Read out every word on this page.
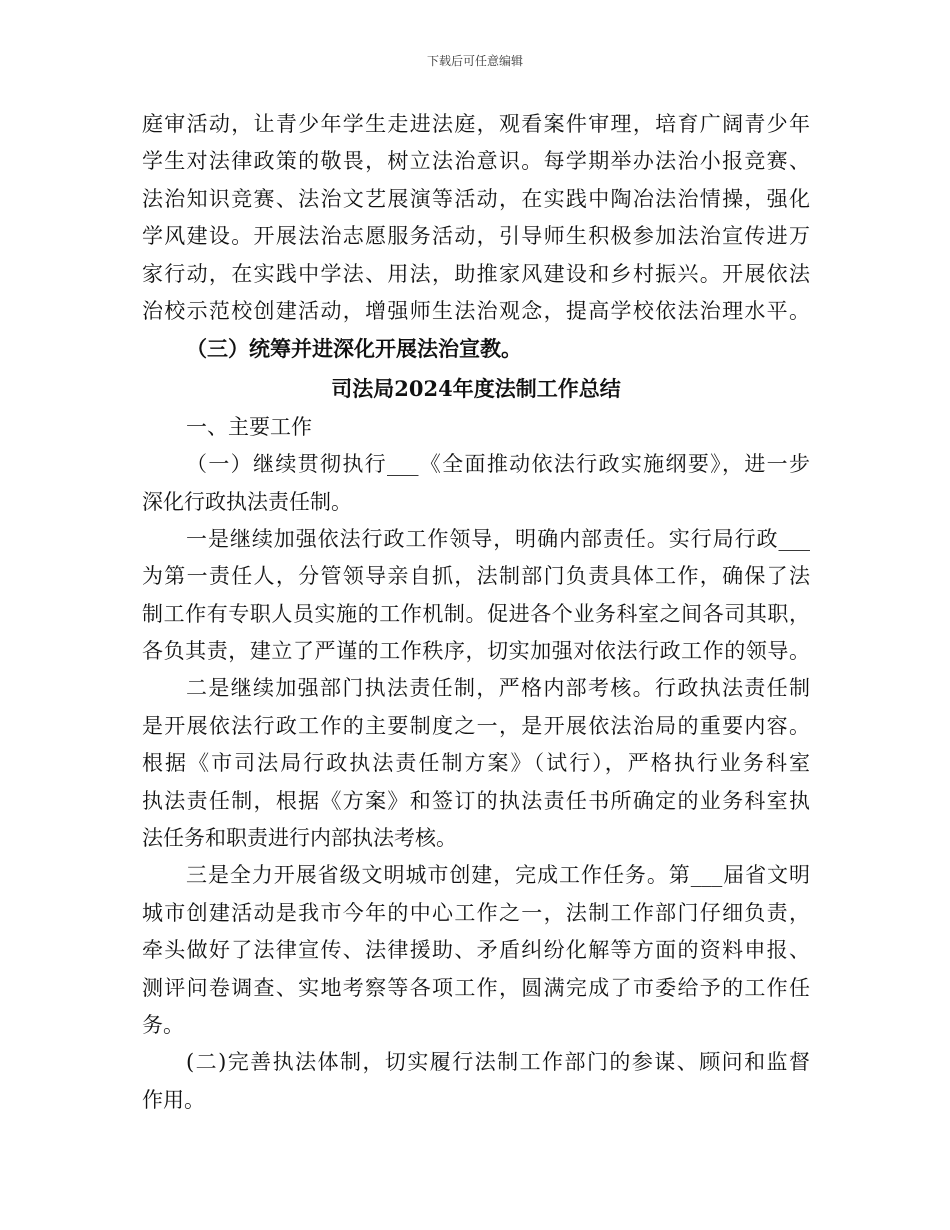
下载后可任意编辑
庭审活动，让青少年学生走进法庭，观看案件审理，培育广阔青少年
学生对法律政策的敬畏，树立法治意识。每学期举办法治小报竞赛、
法治知识竞赛、法治文艺展演等活动，在实践中陶冶法治情操，强化
学风建设。开展法治志愿服务活动，引导师生积极参加法治宣传进万
家行动，在实践中学法、用法，助推家风建设和乡村振兴。开展依法
治校示范校创建活动，增强师生法治观念，提高学校依法治理水平。
（三）统筹并进深化开展法治宣教。
司法局2024年度法制工作总结
一、主要工作
（一）继续贯彻执行___《全面推动依法行政实施纲要》，进一步
深化行政执法责任制。
一是继续加强依法行政工作领导，明确内部责任。实行局行政___
为第一责任人，分管领导亲自抓，法制部门负责具体工作，确保了法
制工作有专职人员实施的工作机制。促进各个业务科室之间各司其职，
各负其责，建立了严谨的工作秩序，切实加强对依法行政工作的领导。
二是继续加强部门执法责任制，严格内部考核。行政执法责任制
是开展依法行政工作的主要制度之一，是开展依法治局的重要内容。
根据《市司法局行政执法责任制方案》（试行），严格执行业务科室
执法责任制，根据《方案》和签订的执法责任书所确定的业务科室执
法任务和职责进行内部执法考核。
三是全力开展省级文明城市创建，完成工作任务。第___届省文明
城市创建活动是我市今年的中心工作之一，法制工作部门仔细负责，
牵头做好了法律宣传、法律援助、矛盾纠纷化解等方面的资料申报、
测评问卷调查、实地考察等各项工作，圆满完成了市委给予的工作任
务。
(二)完善执法体制，切实履行法制工作部门的参谋、顾问和监督
作用。
